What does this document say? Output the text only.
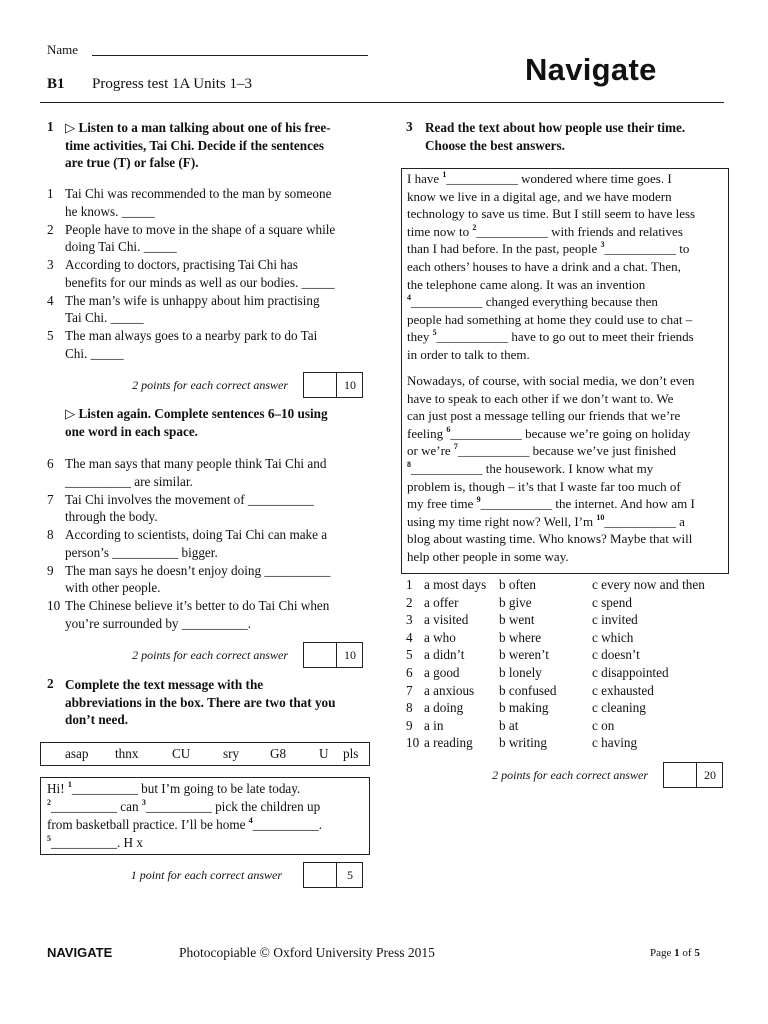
Name
B1 Progress test 1A Units 1–3	Navigate
1 ▷ Listen to a man talking about one of his free-
time activities, Tai Chi. Decide if the sentences
are true (T) or false (F).
1 Tai Chi was recommended to the man by someone
he knows. _____
2 People have to move in the shape of a square while
doing Tai Chi. _____
3 According to doctors, practising Tai Chi has
benefits for our minds as well as our bodies. _____
4 The man’s wife is unhappy about him practising
Tai Chi. _____
5 The man always goes to a nearby park to do Tai
Chi. _____
2 points for each correct answer	10
▷ Listen again. Complete sentences 6–10 using
one word in each space.
6 The man says that many people think Tai Chi and
__________ are similar.
7 Tai Chi involves the movement of __________
through the body.
8 According to scientists, doing Tai Chi can make a
person’s __________ bigger.
9 The man says he doesn’t enjoy doing __________
with other people.
10 The Chinese believe it’s better to do Tai Chi when
you’re surrounded by __________.
2 points for each correct answer	10
2 Complete the text message with the
abbreviations in the box. There are two that you
don’t need.
asap thnx	CU sry G8 U pls
Hi! $^1$__________ but I’m going to be late today.
$^2$__________ can $^3$__________ pick the children up
from basketball practice. I’ll be home $^4$__________.
$^5$__________. H x
1 point for each correct answer	5
3 Read the text about how people use their time.
Choose the best answers.
I have $^1$___________ wondered where time goes. I
know we live in a digital age, and we have modern
technology to save us time. But I still seem to have less
time now to $^2$___________ with friends and relatives
than I had before. In the past, people $^3$___________ to
each others’ houses to have a drink and a chat. Then,
the telephone came along. It was an invention
$^4$___________ changed everything because then
people had something at home they could use to chat –
they $^5$___________ have to go out to meet their friends
in order to talk to them.
Nowadays, of course, with social media, we don’t even
have to speak to each other if we don’t want to. We
can just post a message telling our friends that we’re
feeling $^6$___________ because we’re going on holiday
or we’re $^7$___________ because we’ve just finished
$^8$___________ the housework. I know what my
problem is, though – it’s that I waste far too much of
my free time $^9$___________ the internet. And how am I
using my time right now? Well, I’m $^{10}$___________ a
blog about wasting time. Who knows? Maybe that will
help other people in some way.
1 a most days b often	c every now and then
2 a offer	b give	c spend
3 a visited b went	c invited
4 a who	b where	c which
5 a didn’t	b weren’t	c doesn’t
6 a good	b lonely	c disappointed
7 a anxious b confused	c exhausted
8 a doing	b making	c cleaning
9 a in	b at	c on
10 a reading b writing	c having
2 points for each correct answer	20
NAVIGATE	Photocopiable © Oxford University Press 2015	Page 1 of 5
